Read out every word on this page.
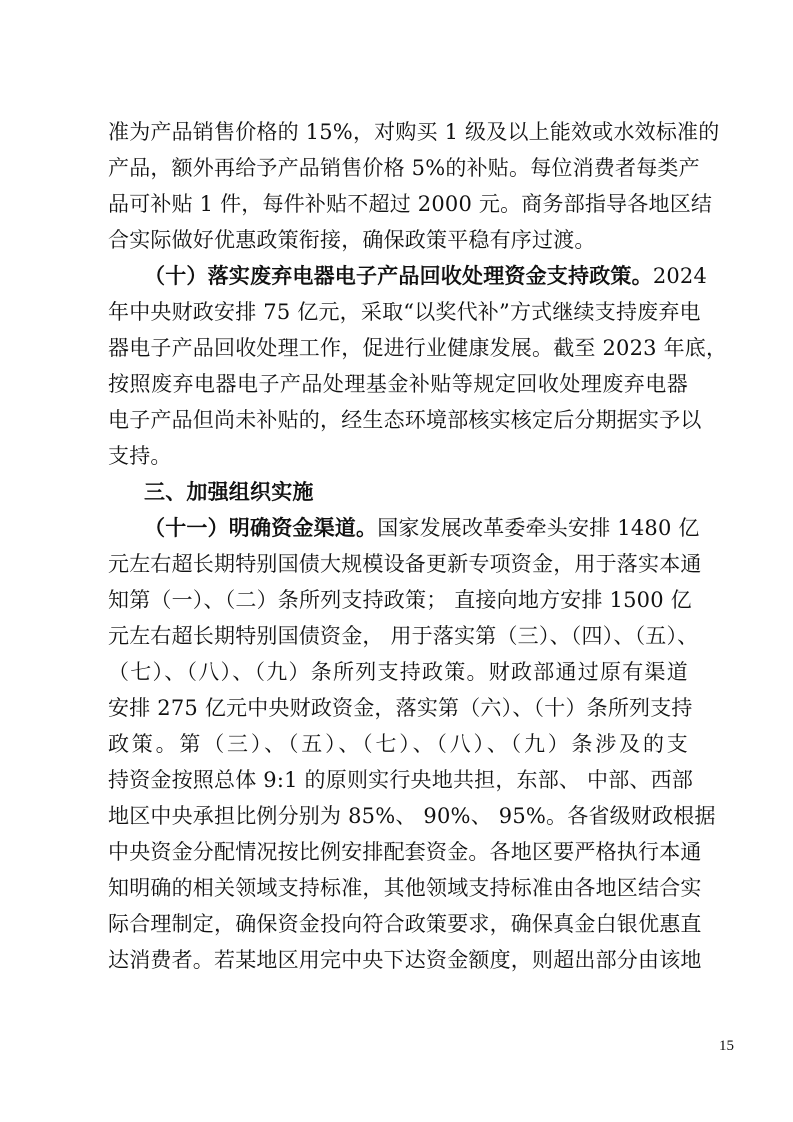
准为产品销售价格的 15%，对购买 1 级及以上能效或水效标准的
产品，额外再给予产品销售价格 5%的补贴。每位消费者每类产
品可补贴 1 件，每件补贴不超过 2000 元。商务部指导各地区结
合实际做好优惠政策衔接，确保政策平稳有序过渡。
（十）落实废弃电器电子产品回收处理资金支持政策。2024
年中央财政安排 75 亿元，采取“以奖代补”方式继续支持废弃电
器电子产品回收处理工作，促进行业健康发展。截至 2023 年底，
按照废弃电器电子产品处理基金补贴等规定回收处理废弃电器
电子产品但尚未补贴的，经生态环境部核实核定后分期据实予以
支持。
三、加强组织实施
（十一）明确资金渠道。国家发展改革委牵头安排 1480 亿
元左右超长期特别国债大规模设备更新专项资金，用于落实本通
知第（一）、（二）条所列支持政策； 直接向地方安排 1500 亿
元左右超长期特别国债资金， 用于落实第（三）、（四）、（五）、
（七）、（八）、（九）条所列支持政策。财政部通过原有渠道
安排 275 亿元中央财政资金，落实第（六）、（十）条所列支持
政策。第（三）、（五）、（七）、（八）、（九）条涉及的支
持资金按照总体 9:1 的原则实行央地共担，东部、 中部、西部
地区中央承担比例分别为 85%、 90%、 95%。各省级财政根据
中央资金分配情况按比例安排配套资金。各地区要严格执行本通
知明确的相关领域支持标准，其他领域支持标准由各地区结合实
际合理制定，确保资金投向符合政策要求，确保真金白银优惠直
达消费者。若某地区用完中央下达资金额度，则超出部分由该地
15
